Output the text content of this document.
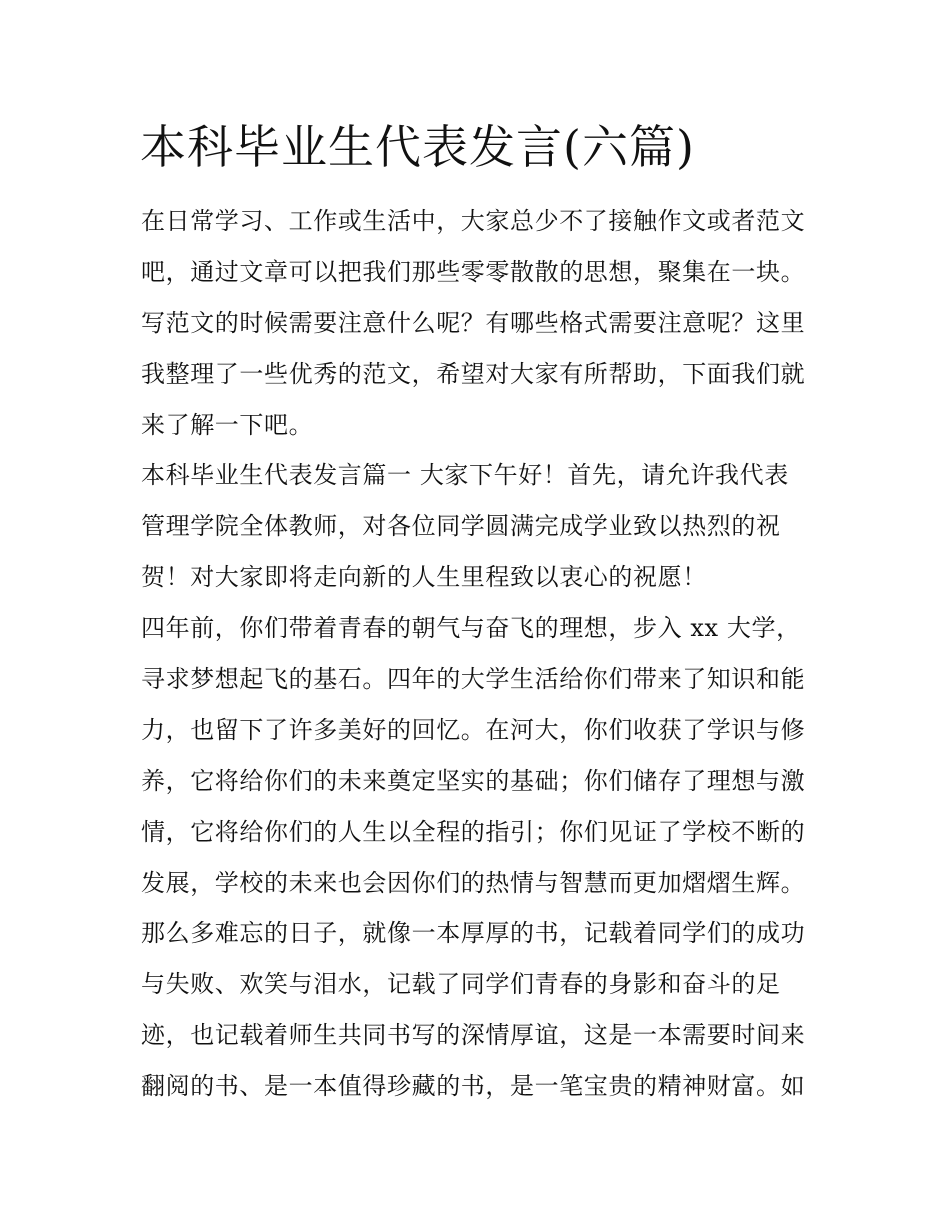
本科毕业生代表发言(六篇)
在日常学习、工作或生活中，大家总少不了接触作文或者范文
吧，通过文章可以把我们那些零零散散的思想，聚集在一块。
写范文的时候需要注意什么呢？有哪些格式需要注意呢？这里
我整理了一些优秀的范文，希望对大家有所帮助，下面我们就
来了解一下吧。
本科毕业生代表发言篇一 大家下午好！首先，请允许我代表
管理学院全体教师，对各位同学圆满完成学业致以热烈的祝
贺！对大家即将走向新的人生里程致以衷心的祝愿！
四年前，你们带着青春的朝气与奋飞的理想，步入 xx 大学，
寻求梦想起飞的基石。四年的大学生活给你们带来了知识和能
力，也留下了许多美好的回忆。在河大，你们收获了学识与修
养，它将给你们的未来奠定坚实的基础；你们储存了理想与激
情，它将给你们的人生以全程的指引；你们见证了学校不断的
发展，学校的未来也会因你们的热情与智慧而更加熠熠生辉。
那么多难忘的日子，就像一本厚厚的书，记载着同学们的成功
与失败、欢笑与泪水，记载了同学们青春的身影和奋斗的足
迹，也记载着师生共同书写的深情厚谊，这是一本需要时间来
翻阅的书、是一本值得珍藏的书，是一笔宝贵的精神财富。如
